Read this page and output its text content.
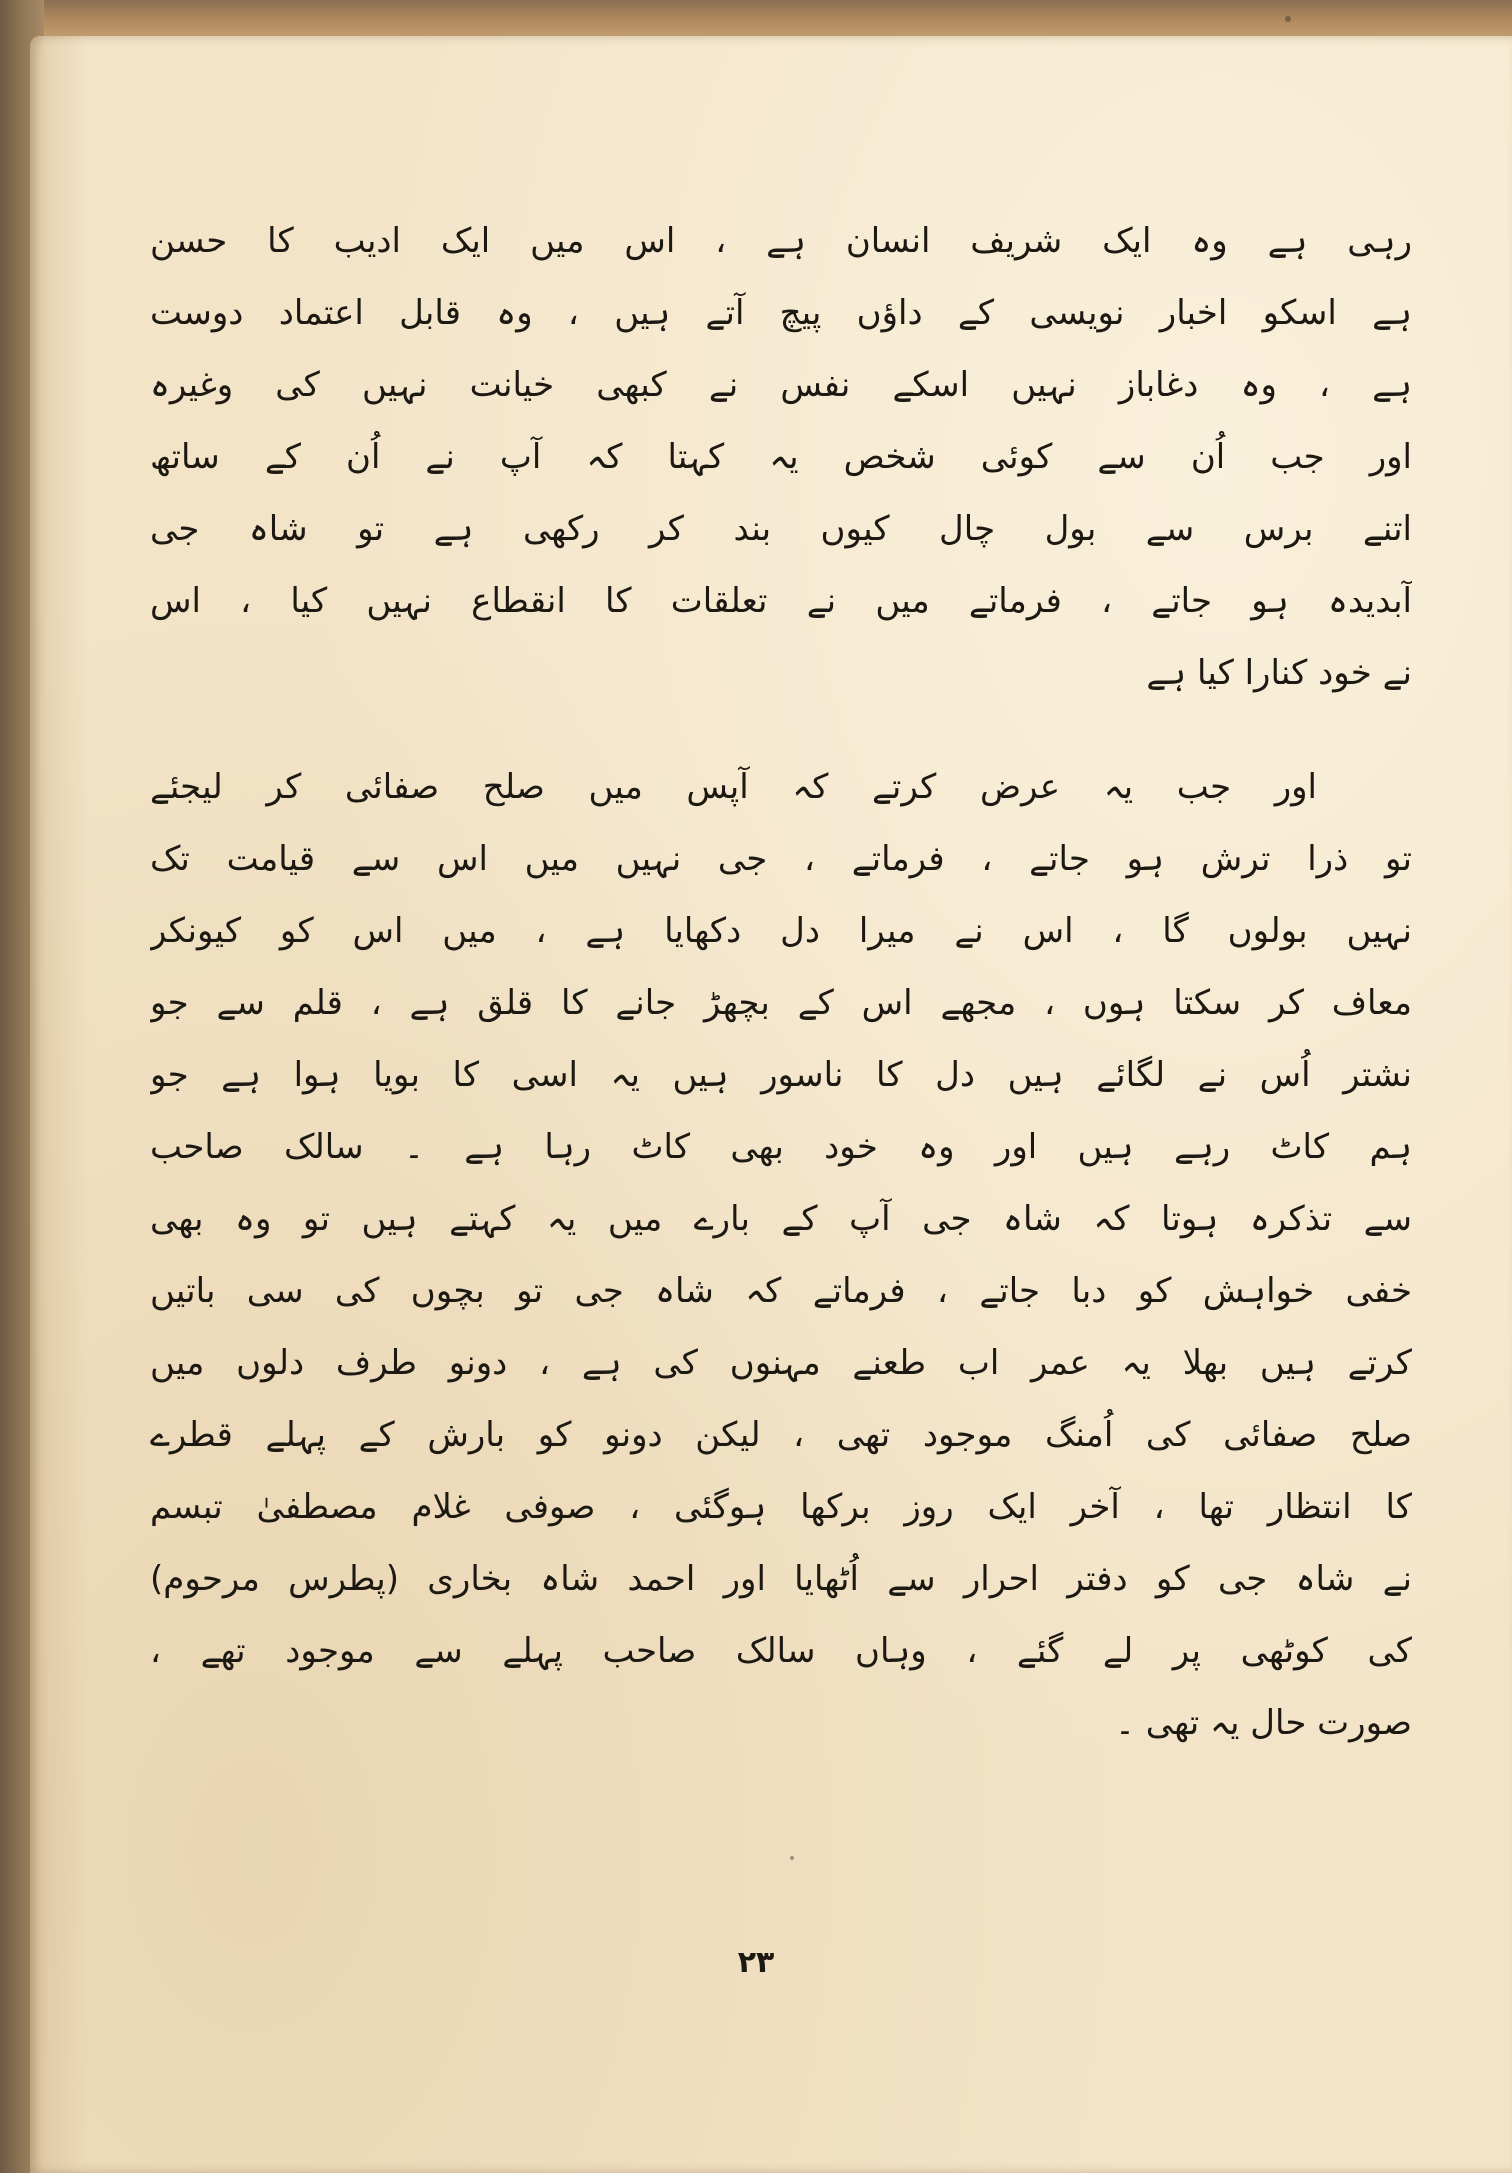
رہی ہے وہ ایک شریف انسان ہے ، اس میں ایک ادیب کا حسن
ہے اسکو اخبار نویسی کے داؤں پیچ آتے ہیں ، وہ قابل اعتماد دوست
ہے ، وہ دغاباز نہیں اسکے نفس نے کبھی خیانت نہیں کی وغیرہ
اور جب اُن سے کوئی شخص یہ کہتا کہ آپ نے اُن کے ساتھ
اتنے برس سے بول چال کیوں بند کر رکھی ہے تو شاہ جی
آبدیدہ ہو جاتے ، فرماتے میں نے تعلقات کا انقطاع نہیں کیا ، اس
نے خود کنارا کیا ہے
اور جب یہ عرض کرتے کہ آپس میں صلح صفائی کر لیجئے
تو ذرا ترش ہو جاتے ، فرماتے ، جی نہیں میں اس سے قیامت تک
نہیں بولوں گا ، اس نے میرا دل دکھایا ہے ، میں اس کو کیونکر
معاف کر سکتا ہوں ، مجھے اس کے بچھڑ جانے کا قلق ہے ، قلم سے جو
نشتر اُس نے لگائے ہیں دل کا ناسور ہیں یہ اسی کا بویا ہوا ہے جو
ہم کاٹ رہے ہیں اور وہ خود بھی کاٹ رہا ہے ۔ سالک صاحب
سے تذکرہ ہوتا کہ شاہ جی آپ کے بارے میں یہ کہتے ہیں تو وہ بھی
خفی خواہش کو دبا جاتے ، فرماتے کہ شاہ جی تو بچوں کی سی باتیں
کرتے ہیں بھلا یہ عمر اب طعنے مہنوں کی ہے ، دونو طرف دلوں میں
صلح صفائی کی اُمنگ موجود تھی ، لیکن دونو کو بارش کے پہلے قطرے
کا انتظار تھا ، آخر ایک روز برکھا ہوگئی ، صوفی غلام مصطفیٰ تبسم
نے شاہ جی کو دفتر احرار سے اُٹھایا اور احمد شاہ بخاری (پطرس مرحوم)
کی کوٹھی پر لے گئے ، وہاں سالک صاحب پہلے سے موجود تھے ،
صورت حال یہ تھی ۔
۲۳
